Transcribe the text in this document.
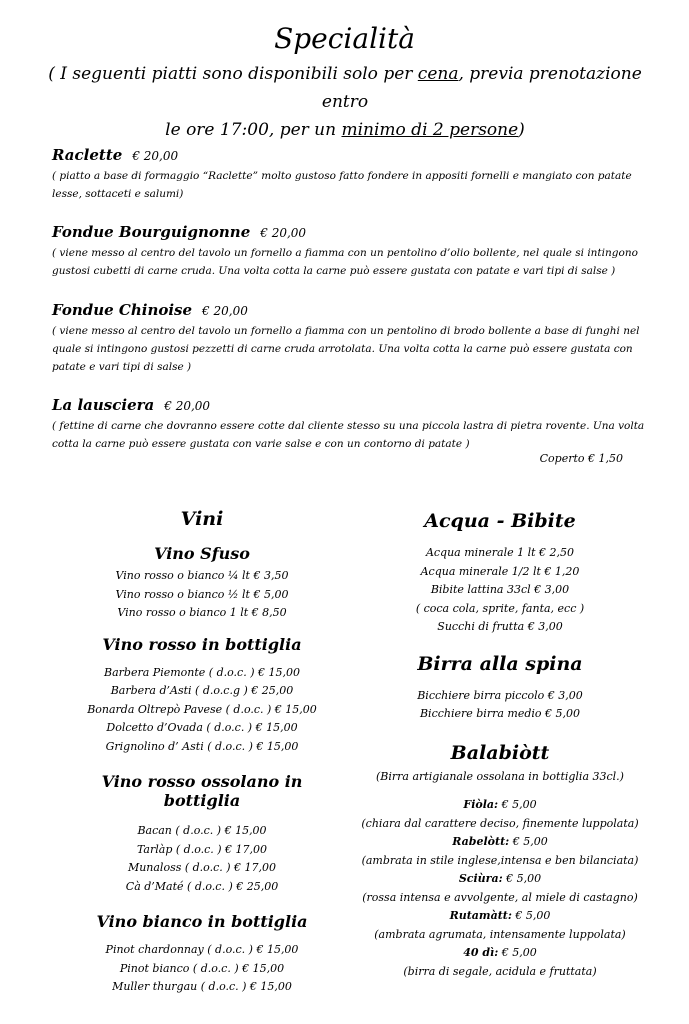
Specialità
( I seguenti piatti sono disponibili solo per cena, previa prenotazione entro
le ore 17:00, per un minimo di 2 persone)
Raclette € 20,00
( piatto a base di formaggio “Raclette” molto gustoso fatto fondere in appositi fornelli e mangiato con patate lesse, sottaceti e salumi)
Fondue Bourguignonne € 20,00
( viene messo al centro del tavolo un fornello a fiamma con un pentolino d’olio bollente, nel quale si intingono gustosi cubetti di carne cruda. Una volta cotta la carne può essere gustata con patate e vari tipi di salse )
Fondue Chinoise € 20,00
( viene messo al centro del tavolo un fornello a fiamma con un pentolino di brodo bollente a base di funghi nel quale si intingono gustosi pezzetti di carne cruda arrotolata. Una volta cotta la carne può essere gustata con patate e vari tipi di salse )
La lausciera € 20,00
( fettine di carne che dovranno essere cotte dal cliente stesso su una piccola lastra di pietra rovente. Una volta cotta la carne può essere gustata con varie salse e con un contorno di patate )
Coperto € 1,50
Vini
Vino Sfuso
Vino rosso o bianco ¼ lt € 3,50
Vino rosso o bianco ½ lt € 5,00
Vino rosso o bianco 1 lt € 8,50
Vino rosso in bottiglia
Barbera Piemonte ( d.o.c. ) € 15,00
Barbera d’Asti ( d.o.c.g ) € 25,00
Bonarda Oltrepò Pavese ( d.o.c. ) € 15,00
Dolcetto d’Ovada ( d.o.c. ) € 15,00
Grignolino d’ Asti ( d.o.c. ) € 15,00
Vino rosso ossolano in bottiglia
Bacan ( d.o.c. ) € 15,00
Tarlàp ( d.o.c. ) € 17,00
Munaloss ( d.o.c. ) € 17,00
Cà d’Maté ( d.o.c. ) € 25,00
Vino bianco in bottiglia
Pinot chardonnay ( d.o.c. ) € 15,00
Pinot bianco ( d.o.c. ) € 15,00
Muller thurgau ( d.o.c. ) € 15,00
Acqua - Bibite
Acqua minerale 1 lt € 2,50
Acqua minerale 1/2 lt € 1,20
Bibite lattina 33cl € 3,00
( coca cola, sprite, fanta, ecc )
Succhi di frutta € 3,00
Birra alla spina
Bicchiere birra piccolo € 3,00
Bicchiere birra medio € 5,00
Balabiòtt
(Birra artigianale ossolana in bottiglia 33cl.)
Fiòla: € 5,00
(chiara dal carattere deciso, finemente luppolata)
Rabelòtt: € 5,00
(ambrata in stile inglese,intensa e ben bilanciata)
Sciùra: € 5,00
(rossa intensa e avvolgente, al miele di castagno)
Rutamàtt: € 5,00
(ambrata agrumata, intensamente luppolata)
40 dì: € 5,00
(birra di segale, acidula e fruttata)
